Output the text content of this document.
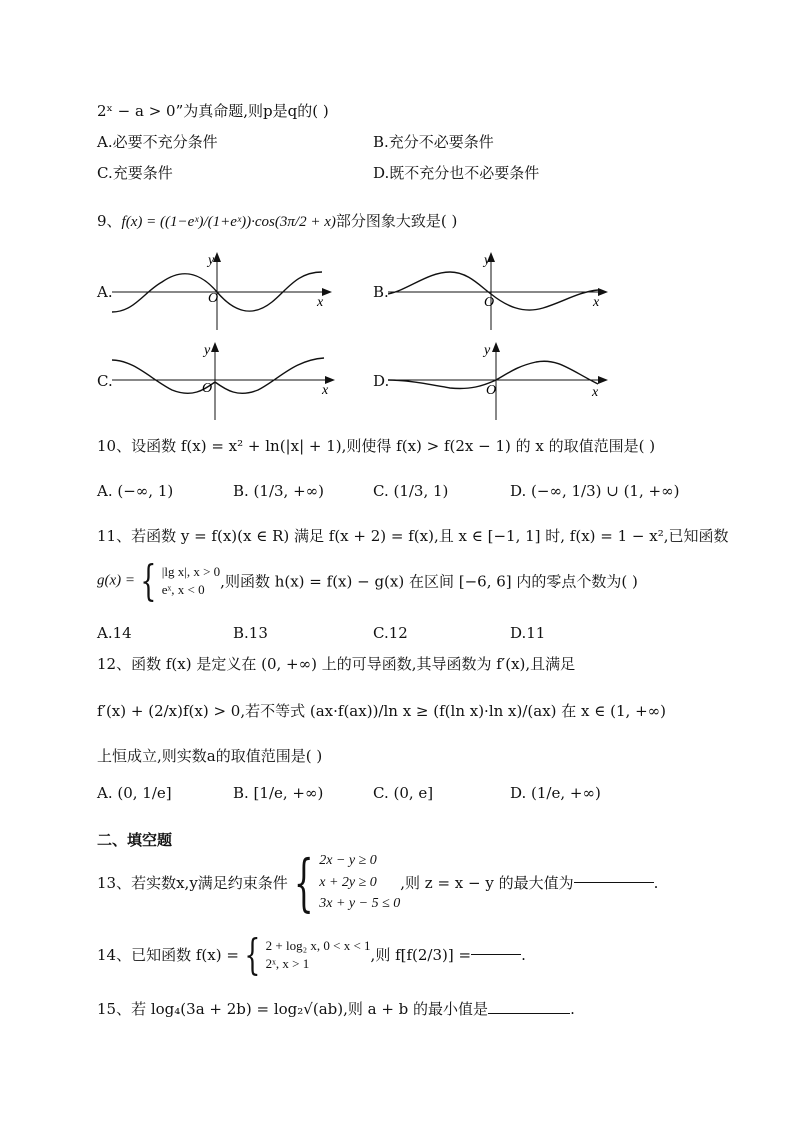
2ˣ − a > 0”为真命题,则p是q的( )
A.必要不充分条件	B.充分不必要条件
C.充要条件	D.既不充分也不必要条件
9、f(x) = ((1−eˣ)/(1+eˣ))·cos(3π/2 + x)部分图象大致是( )
A.	O
y
x
B.
O
y
x
C.	O
y
x
D.
O
y
x
10、设函数 f(x) = x² + ln(|x| + 1),则使得 f(x) > f(2x − 1) 的 x 的取值范围是( )
A. (−∞, 1)	B. (1/3, +∞)	C. (1/3, 1)	D. (−∞, 1/3) ∪ (1, +∞)
11、若函数 y = f(x)(x ∈ R) 满足 f(x + 2) = f(x),且 x ∈ [−1, 1] 时, f(x) = 1 − x²,已知函数
g(x) = { |lg x|, x > 0
eˣ, x < 0	,则函数 h(x) = f(x) − g(x) 在区间 [−6, 6] 内的零点个数为( )
A.14	B.13	C.12	D.11
12、函数 f(x) 是定义在 (0, +∞) 上的可导函数,其导函数为 f′(x),且满足
f′(x) + (2/x)f(x) > 0,若不等式 (ax·f(ax))/ln x ≥ (f(ln x)·ln x)/(ax) 在 x ∈ (1, +∞)
上恒成立,则实数a的取值范围是( )
A. (0, 1/e]	B. [1/e, +∞)	C. (0, e]	D. (1/e, +∞)
二、填空题
13、若实数x,y满足约束条件 { 2x − y ≥ 0
x + 2y ≥ 0
3x + y − 5 ≤ 0
,则 z = x − y 的最大值为	.
14、已知函数 f(x) = { 2 + log₂ x, 0 < x < 1
2ˣ, x > 1	,则 f[f(2/3)] =	.
15、若 log₄(3a + 2b) = log₂√(ab),则 a + b 的最小值是	.
